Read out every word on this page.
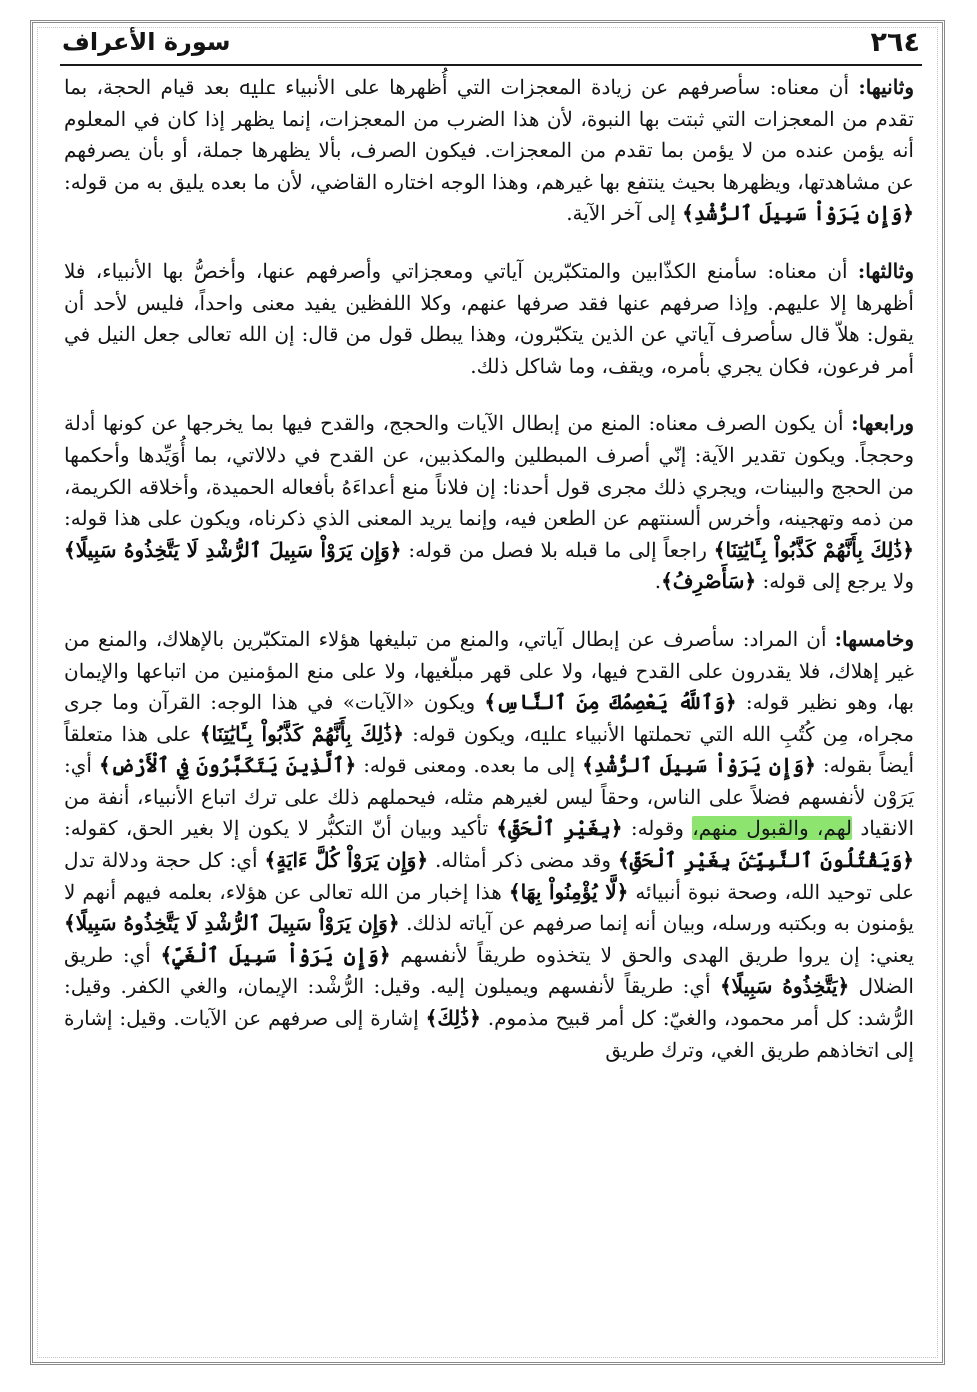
٢٦٤
سورة الأعراف

وثانيها: أن معناه: سأصرفهم عن زيادة المعجزات التي أُظهرها على الأنبياء ﷷ بعد قيام الحجة، بما تقدم من المعجزات التي ثبتت بها النبوة، لأن هذا الضرب من المعجزات، إنما يظهر إذا كان في المعلوم أنه يؤمن عنده من لا يؤمن بما تقدم من المعجزات. فيكون الصرف، بألا يظهرها جملة، أو بأن يصرفهم عن مشاهدتها، ويظهرها بحيث ينتفع بها غيرهم، وهذا الوجه اختاره القاضي، لأن ما بعده يليق به من قوله: ﴿وَإِن يَرَوْاْ سَبِيلَ ٱلرُّشْدِ﴾ إلى آخر الآية.

وثالثها: أن معناه: سأمنع الكذّابين والمتكبّرين آياتي ومعجزاتي وأصرفهم عنها، وأخصُّ بها الأنبياء، فلا أظهرها إلا عليهم. وإذا صرفهم عنها فقد صرفها عنهم، وكلا اللفظين يفيد معنى واحداً، فليس لأحد أن يقول: هلاّ قال سأصرف آياتي عن الذين يتكبّرون، وهذا يبطل قول من قال: إن الله تعالى جعل النيل في أمر فرعون، فكان يجري بأمره، ويقف، وما شاكل ذلك.

ورابعها: أن يكون الصرف معناه: المنع من إبطال الآيات والحجج، والقدح فيها بما يخرجها عن كونها أدلة وحججاً. ويكون تقدير الآية: إنّي أصرف المبطلين والمكذبين، عن القدح في دلالاتي، بما أُوَيِّدها وأحكمها من الحجج والبينات، ويجري ذلك مجرى قول أحدنا: إن فلاناً منع أعداءَهُ بأفعاله الحميدة، وأخلاقه الكريمة، من ذمه وتهجينه، وأخرس ألسنتهم عن الطعن فيه، وإنما يريد المعنى الذي ذكرناه، ويكون على هذا قوله: ﴿ذَٰلِكَ بِأَنَّهُمْ كَذَّبُواْ بِـَٔايَٰتِنَا﴾ راجعاً إلى ما قبله بلا فصل من قوله: ﴿وَإِن يَرَوْاْ سَبِيلَ ٱلرُّشْدِ لَا يَتَّخِذُوهُ سَبِيلًا﴾ ولا يرجع إلى قوله: ﴿سَأَصْرِفُ﴾.

وخامسها: أن المراد: سأصرف عن إبطال آياتي، والمنع من تبليغها هؤلاء المتكبّرين بالإهلاك، والمنع من غير إهلاك، فلا يقدرون على القدح فيها، ولا على قهر مبلّغيها، ولا على منع المؤمنين من اتباعها والإيمان بها، وهو نظير قوله: ﴿وَٱللَّهُ يَعْصِمُكَ مِنَ ٱلنَّاسِ﴾ ويكون «الآيات» في هذا الوجه: القرآن وما جرى مجراه، مِن كُتُبِ الله التي تحملتها الأنبياء ﷷ، ويكون قوله: ﴿ذَٰلِكَ بِأَنَّهُمْ كَذَّبُواْ بِـَٔايَٰتِنَا﴾ على هذا متعلقاً أيضاً بقوله: ﴿وَإِن يَرَوْاْ سَبِيلَ ٱلرُّشْدِ﴾ إلى ما بعده. ومعنى قوله: ﴿ٱلَّذِينَ يَتَكَبَّرُونَ فِي ٱلْأَرْضِ﴾ أي: يَرَوْن لأنفسهم فضلاً على الناس، وحقاً ليس لغيرهم مثله، فيحملهم ذلك على ترك اتباع الأنبياء، أنفة من الانقياد لهم، والقبول منهم، وقوله: ﴿بِغَيْرِ ٱلْحَقِّ﴾ تأكيد وبيان أنّ التكبُّر لا يكون إلا بغير الحق، كقوله: ﴿وَيَقْتُلُونَ ٱلنَّبِيِّـۧنَ بِغَيْرِ ٱلْحَقِّ﴾ وقد مضى ذكر أمثاله. ﴿وَإِن يَرَوْاْ كُلَّ ءَايَةٍ﴾ أي: كل حجة ودلالة تدل على توحيد الله، وصحة نبوة أنبيائه ﴿لَّا يُؤْمِنُواْ بِهَا﴾ هذا إخبار من الله تعالى عن هؤلاء، بعلمه فيهم أنهم لا يؤمنون به وبكتبه ورسله، وبيان أنه إنما صرفهم عن آياته لذلك. ﴿وَإِن يَرَوْاْ سَبِيلَ ٱلرُّشْدِ لَا يَتَّخِذُوهُ سَبِيلًا﴾ يعني: إن يروا طريق الهدى والحق لا يتخذوه طريقاً لأنفسهم ﴿وَإِن يَرَوْاْ سَبِيلَ ٱلْغَيِّ﴾ أي: طريق الضلال ﴿يَتَّخِذُوهُ سَبِيلًا﴾ أي: طريقاً لأنفسهم ويميلون إليه. وقيل: الرُّشْد: الإيمان، والغي الكفر. وقيل: الرُّشد: كل أمر محمود، والغيّ: كل أمر قبيح مذموم. ﴿ذَٰلِكَ﴾ إشارة إلى صرفهم عن الآيات. وقيل: إشارة إلى اتخاذهم طريق الغي، وترك طريق
